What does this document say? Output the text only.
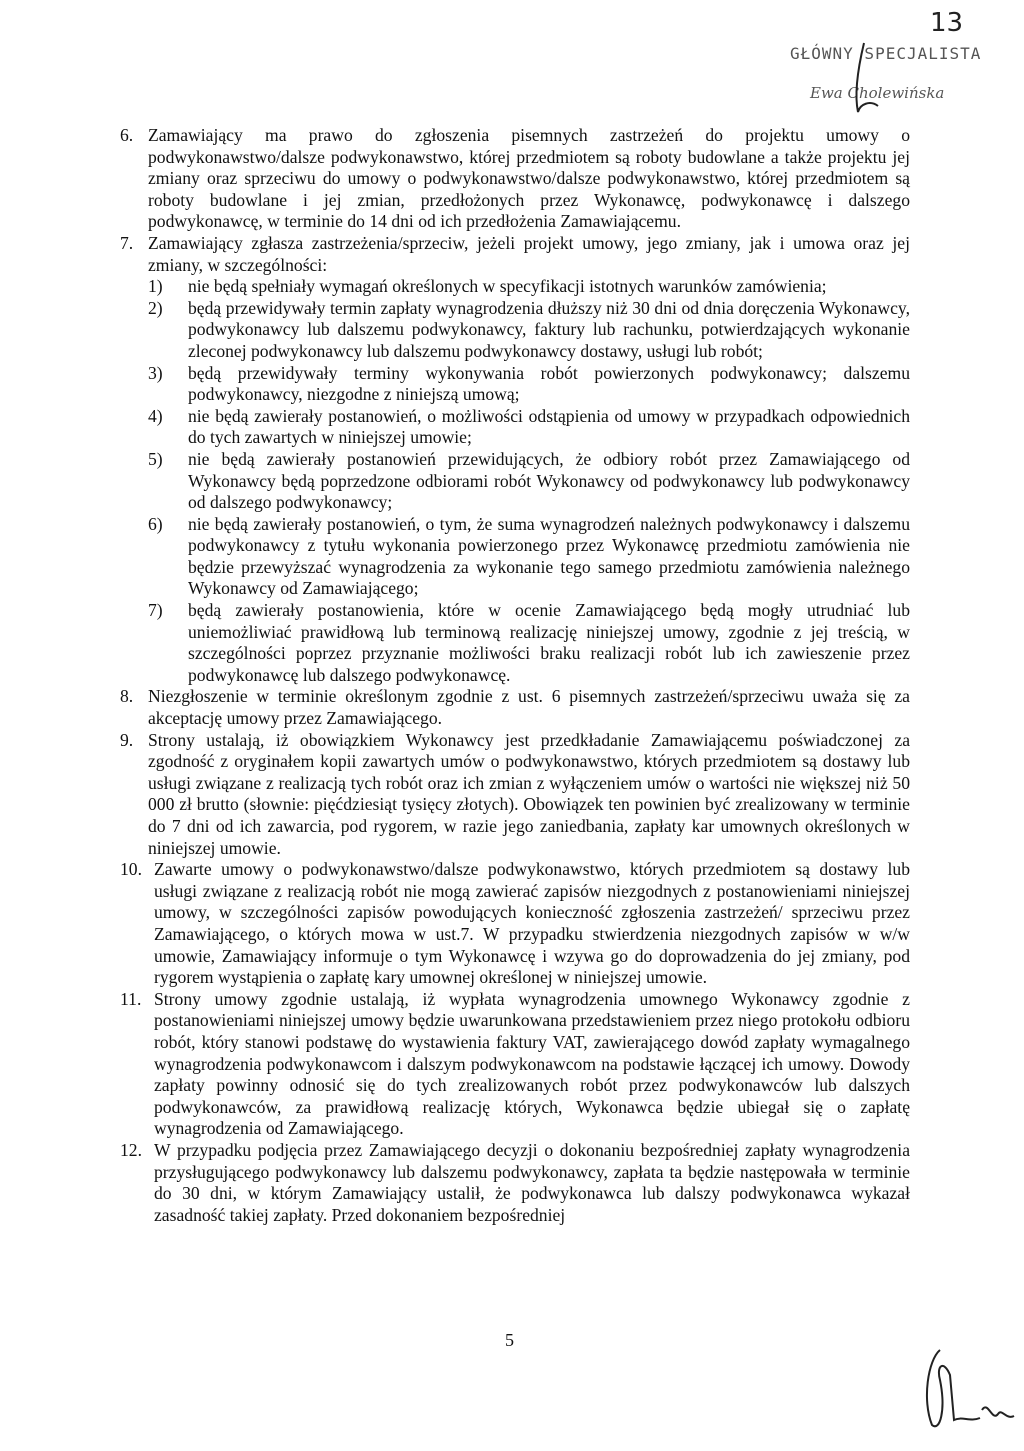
13
GŁÓWNY SPECJALISTA
Ewa Cholewińska
6. Zamawiający ma prawo do zgłoszenia pisemnych zastrzeżeń do projektu umowy o podwykonawstwo/dalsze podwykonawstwo, której przedmiotem są roboty budowlane a także projektu jej zmiany oraz sprzeciwu do umowy o podwykonawstwo/dalsze podwykonawstwo, której przedmiotem są roboty budowlane i jej zmian, przedłożonych przez Wykonawcę, podwykonawcę i dalszego podwykonawcę, w terminie do 14 dni od ich przedłożenia Zamawiającemu.
7. Zamawiający zgłasza zastrzeżenia/sprzeciw, jeżeli projekt umowy, jego zmiany, jak i umowa oraz jej zmiany, w szczególności:

1) nie będą spełniały wymagań określonych w specyfikacji istotnych warunków zamówienia;
2) będą przewidywały termin zapłaty wynagrodzenia dłuższy niż 30 dni od dnia doręczenia Wykonawcy, podwykonawcy lub dalszemu podwykonawcy, faktury lub rachunku, potwierdzających wykonanie zleconej podwykonawcy lub dalszemu podwykonawcy dostawy, usługi lub robót;
3) będą przewidywały terminy wykonywania robót powierzonych podwykonawcy; dalszemu podwykonawcy, niezgodne z niniejszą umową;
4) nie będą zawierały postanowień, o możliwości odstąpienia od umowy w przypadkach odpowiednich do tych zawartych w niniejszej umowie;
5) nie będą zawierały postanowień przewidujących, że odbiory robót przez Zamawiającego od Wykonawcy będą poprzedzone odbiorami robót Wykonawcy od podwykonawcy lub podwykonawcy od dalszego podwykonawcy;
6) nie będą zawierały postanowień, o tym, że suma wynagrodzeń należnych podwykonawcy i dalszemu podwykonawcy z tytułu wykonania powierzonego przez Wykonawcę przedmiotu zamówienia nie będzie przewyższać wynagrodzenia za wykonanie tego samego przedmiotu zamówienia należnego Wykonawcy od Zamawiającego;
7) będą zawierały postanowienia, które w ocenie Zamawiającego będą mogły utrudniać lub uniemożliwiać prawidłową lub terminową realizację niniejszej umowy, zgodnie z jej treścią, w szczególności poprzez przyznanie możliwości braku realizacji robót lub ich zawieszenie przez podwykonawcę lub dalszego podwykonawcę.
8. Niezgłoszenie w terminie określonym zgodnie z ust. 6 pisemnych zastrzeżeń/sprzeciwu uważa się za akceptację umowy przez Zamawiającego.
9. Strony ustalają, iż obowiązkiem Wykonawcy jest przedkładanie Zamawiającemu poświadczonej za zgodność z oryginałem kopii zawartych umów o podwykonawstwo, których przedmiotem są dostawy lub usługi związane z realizacją tych robót oraz ich zmian z wyłączeniem umów o wartości nie większej niż 50 000 zł brutto (słownie: pięćdziesiąt tysięcy złotych). Obowiązek ten powinien być zrealizowany w terminie do 7 dni od ich zawarcia, pod rygorem, w razie jego zaniedbania, zapłaty kar umownych określonych w niniejszej umowie.
10. Zawarte umowy o podwykonawstwo/dalsze podwykonawstwo, których przedmiotem są dostawy lub usługi związane z realizacją robót nie mogą zawierać zapisów niezgodnych z postanowieniami niniejszej umowy, w szczególności zapisów powodujących konieczność zgłoszenia zastrzeżeń/ sprzeciwu przez Zamawiającego, o których mowa w ust.7. W przypadku stwierdzenia niezgodnych zapisów w w/w umowie, Zamawiający informuje o tym Wykonawcę i wzywa go do doprowadzenia do jej zmiany, pod rygorem wystąpienia o zapłatę kary umownej określonej w niniejszej umowie.
11. Strony umowy zgodnie ustalają, iż wypłata wynagrodzenia umownego Wykonawcy zgodnie z postanowieniami niniejszej umowy będzie uwarunkowana przedstawieniem przez niego protokołu odbioru robót, który stanowi podstawę do wystawienia faktury VAT, zawierającego dowód zapłaty wymagalnego wynagrodzenia podwykonawcom i dalszym podwykonawcom na podstawie łączącej ich umowy. Dowody zapłaty powinny odnosić się do tych zrealizowanych robót przez podwykonawców lub dalszych podwykonawców, za prawidłową realizację których, Wykonawca będzie ubiegał się o zapłatę wynagrodzenia od Zamawiającego.
12. W przypadku podjęcia przez Zamawiającego decyzji o dokonaniu bezpośredniej zapłaty wynagrodzenia przysługującego podwykonawcy lub dalszemu podwykonawcy, zapłata ta będzie następowała w terminie do 30 dni, w którym Zamawiający ustalił, że podwykonawca lub dalszy podwykonawca wykazał zasadność takiej zapłaty. Przed dokonaniem bezpośredniej
5
